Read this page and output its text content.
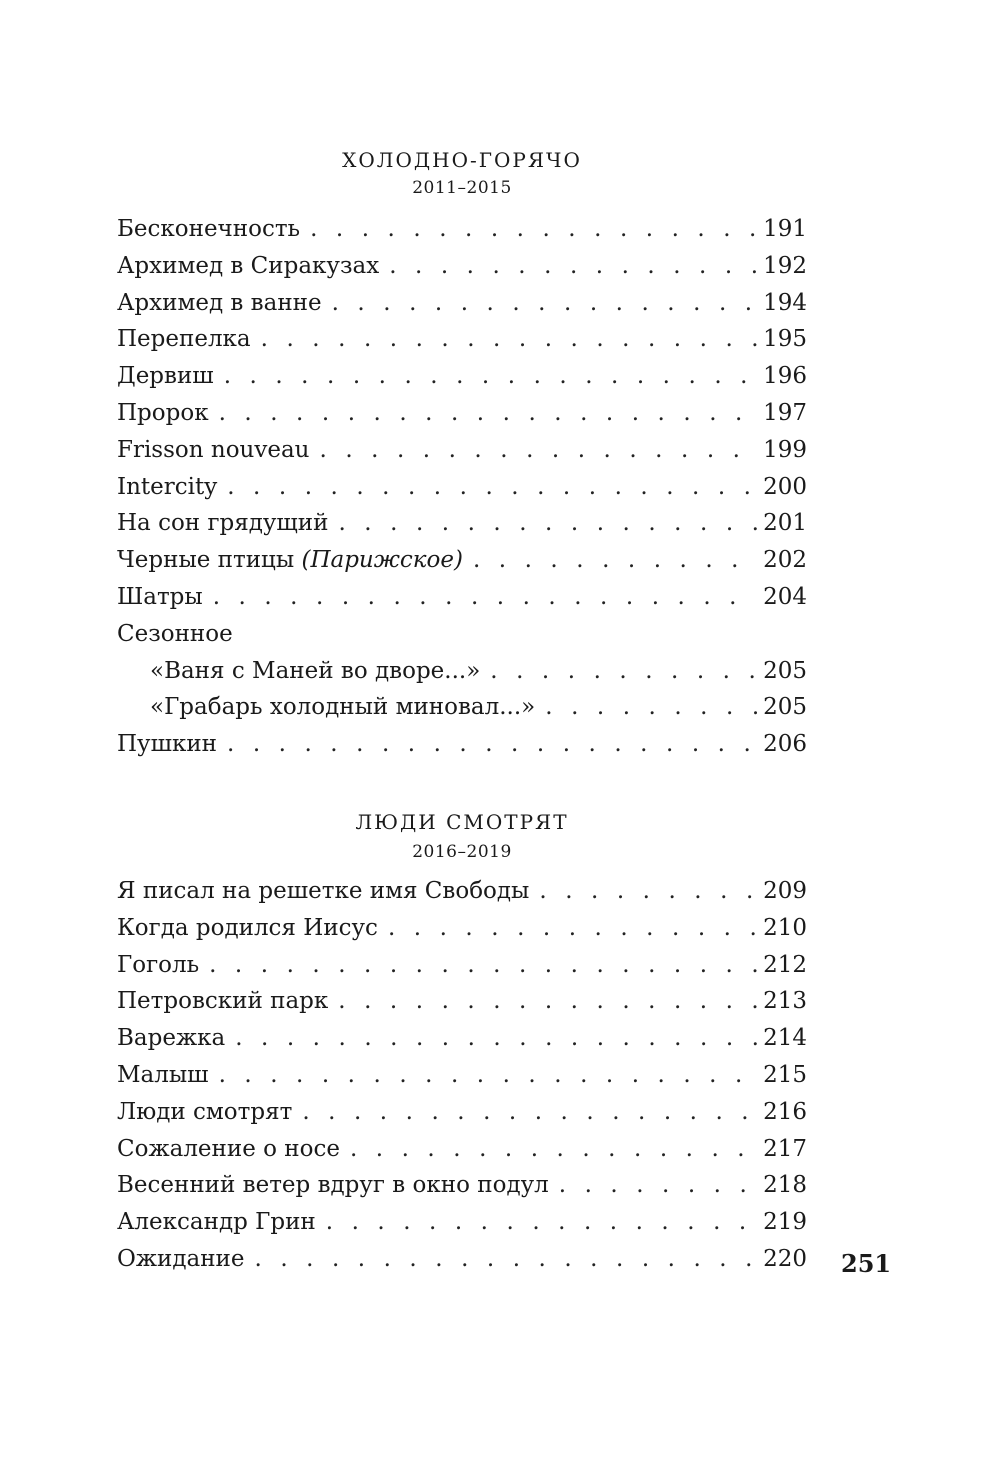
ХОЛОДНО-ГОРЯЧО
2011–2015
Бесконечность . . .	191
Архимед в Сиракузах . . .	192
Архимед в ванне . . .	194
Перепелка . . .	195
Дервиш . . .	196
Пророк . . .	197
Frisson nouveau . . .	199
Intercity . . .	200
На сон грядущий . . .	201
Черные птицы (Парижское) . . .	202
Шатры . . .	204
Сезонное
«Ваня с Маней во дворе...» . . .	205
«Грабарь холодный миновал...» . . .	205
Пушкин . . .	206
ЛЮДИ СМОТРЯТ
2016–2019
Я писал на решетке имя Свободы . . .	209
Когда родился Иисус . . .	210
Гоголь . . .	212
Петровский парк . . .	213
Варежка . . .	214
Малыш . . .	215
Люди смотрят . . .	216
Сожаление о носе . . .	217
Весенний ветер вдруг в окно подул . . .	218
Александр Грин . . .	219
Ожидание . . .	220 251
